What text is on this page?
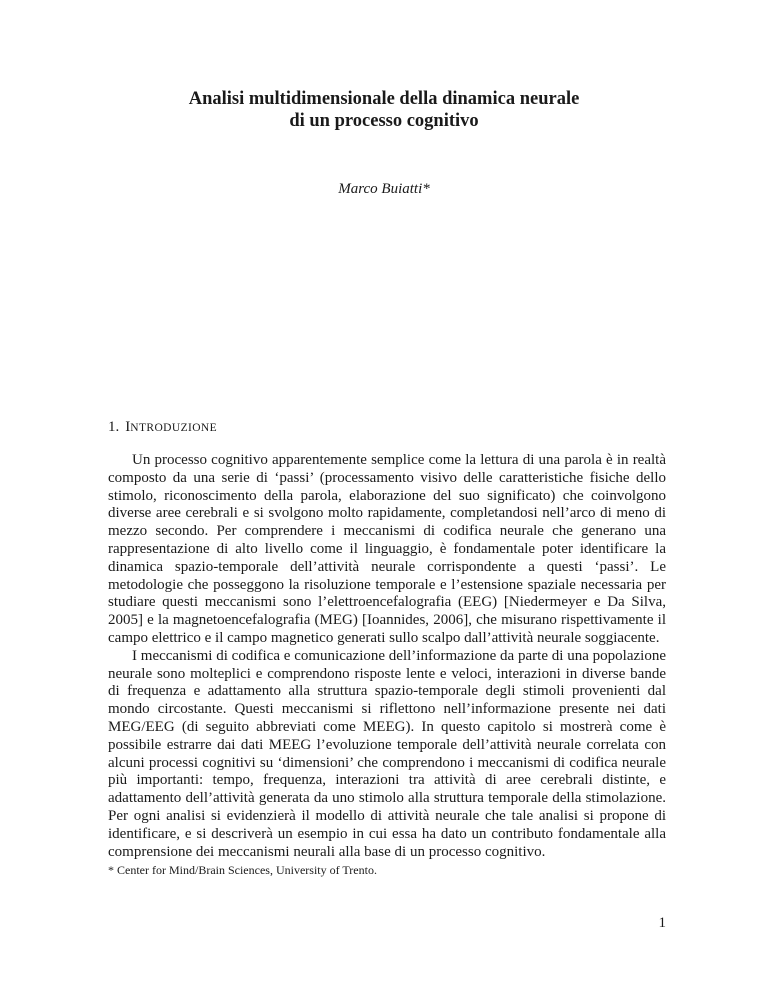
Analisi multidimensionale della dinamica neurale
di un processo cognitivo
Marco Buiatti*
1. INTRODUZIONE

Un processo cognitivo apparentemente semplice come la lettura di una parola è in realtà composto da una serie di ‘passi’ (processamento visivo delle caratteristiche fisiche dello stimolo, riconoscimento della parola, elaborazione del suo significato) che coinvolgono diverse aree cerebrali e si svolgono molto rapidamente, completandosi nell’arco di meno di mezzo secondo. Per comprendere i meccanismi di codifica neurale che generano una rappresentazione di alto livello come il linguaggio, è fondamentale poter identificare la dinamica spazio-temporale dell’attività neurale corrispondente a questi ‘passi’. Le metodologie che posseggono la risoluzione temporale e l’estensione spaziale necessaria per studiare questi meccanismi sono l’elettroencefalografia (EEG) [Niedermeyer e Da Silva, 2005] e la magnetoencefalografia (MEG) [Ioannides, 2006], che misurano rispettivamente il campo elettrico e il campo magnetico generati sullo scalpo dall’attività neurale soggiacente.

I meccanismi di codifica e comunicazione dell’informazione da parte di una popolazione neurale sono molteplici e comprendono risposte lente e veloci, interazioni in diverse bande di frequenza e adattamento alla struttura spazio-temporale degli stimoli provenienti dal mondo circostante. Questi meccanismi si riflettono nell’informazione presente nei dati MEG/EEG (di seguito abbreviati come MEEG). In questo capitolo si mostrerà come è possibile estrarre dai dati MEEG l’evoluzione temporale dell’attività neurale correlata con alcuni processi cognitivi su ‘dimensioni’ che comprendono i meccanismi di codifica neurale più importanti: tempo, frequenza, interazioni tra attività di aree cerebrali distinte, e adattamento dell’attività generata da uno stimolo alla struttura temporale della stimolazione. Per ogni analisi si evidenzierà il modello di attività neurale che tale analisi si propone di identificare, e si descriverà un esempio in cui essa ha dato un contributo fondamentale alla comprensione dei meccanismi neurali alla base di un processo cognitivo.

* Center for Mind/Brain Sciences, University of Trento.
1
